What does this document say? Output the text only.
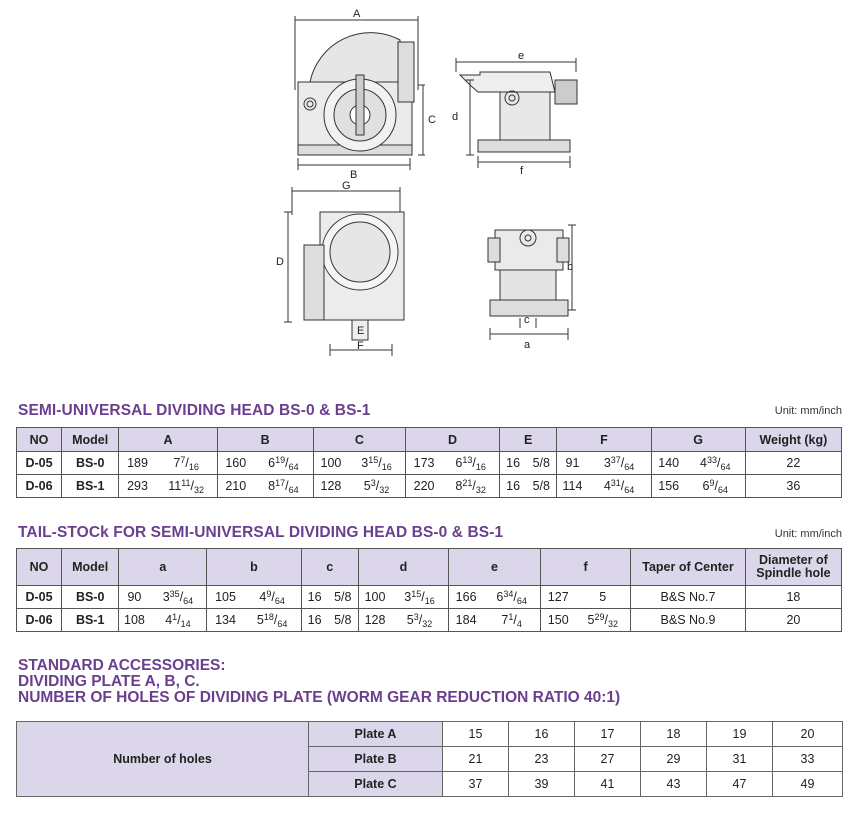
A
C
B
e
d
f
G
D
E
F
b
c
a
SEMI-UNIVERSAL DIVIDING HEAD BS-0 & BS-1	Unit: mm/inch
NO	Model	A		B		C		D		E		F		G		Weight (kg)
D-05	BS-0	189	$7^7/_{16}$	160	$6^{19}/_{64}$	100	$3^{15}/_{16}$	173	$6^{13}/_{16}$	16	5/8	91	$3^{37}/_{64}$	140	$4^{33}/_{64}$	22
D-06	BS-1	293	$11^{11}/_{32}$	210	$8^{17}/_{64}$	128	$5^3/_{32}$	220	$8^{21}/_{32}$	16	5/8	114	$4^{31}/_{64}$	156	$6^9/_{64}$	36
TAIL-STOCk FOR SEMI-UNIVERSAL DIVIDING HEAD BS-0 & BS-1	Unit: mm/inch
NO	Model	a		b		c		d		e		f		Taper of Center	Diameter of Spindle hole
D-05	BS-0	90	$3^{35}/_{64}$	105	$4^9/_{64}$	16	5/8	100	$3^{15}/_{16}$	166	$6^{34}/_{64}$	127	5	B&S No.7	18
D-06	BS-1	108	$4^1/_{14}$	134	$5^{18}/_{64}$	16	5/8	128	$5^3/_{32}$	184	$7^1/_4$	150	$5^{29}/_{32}$	B&S No.9	20
STANDARD ACCESSORIES:
DIVIDING PLATE A, B, C.
NUMBER OF HOLES OF DIVIDING PLATE (WORM GEAR REDUCTION RATIO 40:1)
Number of holes	Plate A	15	16	17	18	19	20
	Plate B	21	23	27	29	31	33
	Plate C	37	39	41	43	47	49
